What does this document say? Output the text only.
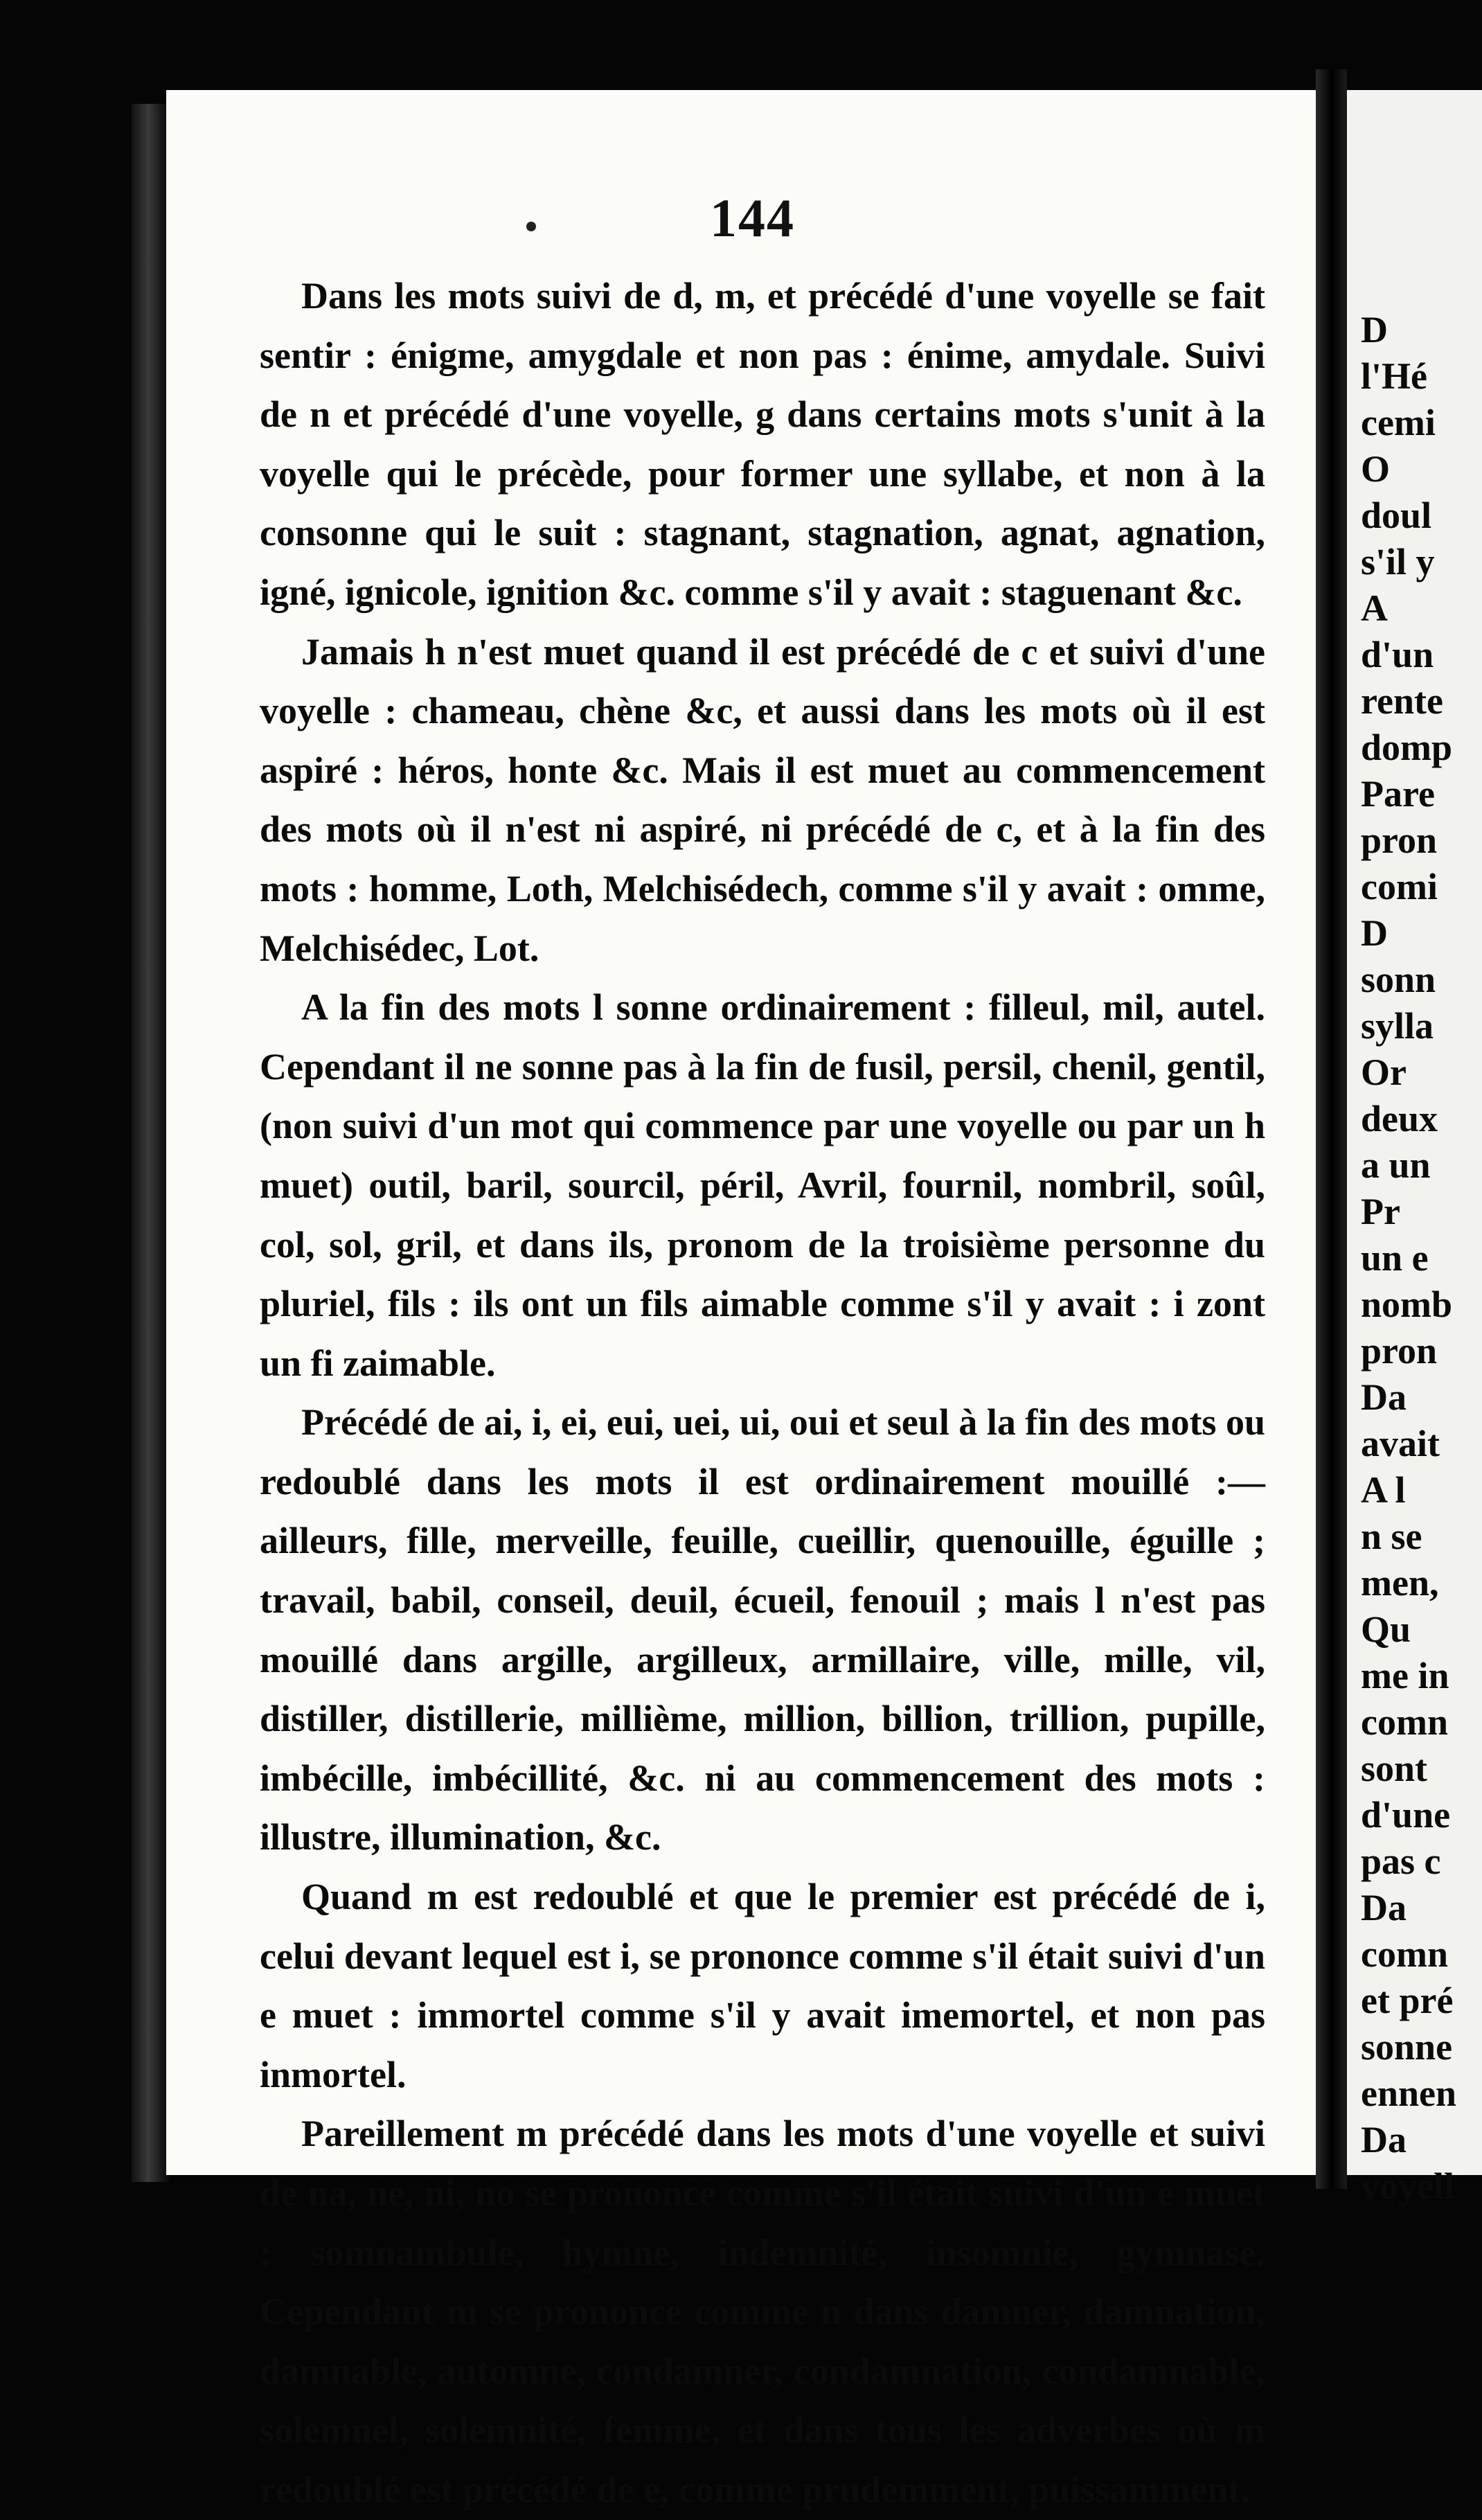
144

Dans les mots suivi de d, m, et précédé d'une voyelle se fait sentir : énigme, amygdale et non pas : énime, amydale. Suivi de n et précédé d'une voyelle, g dans certains mots s'unit à la voyelle qui le précède, pour former une syllabe, et non à la consonne qui le suit : stagnant, stagnation, agnat, agnation, igné, ignicole, ignition &c. comme s'il y avait : staguenant &c.

Jamais h n'est muet quand il est précédé de c et suivi d'une voyelle : chameau, chène &c, et aussi dans les mots où il est aspiré : héros, honte &c. Mais il est muet au commencement des mots où il n'est ni aspiré, ni précédé de c, et à la fin des mots : homme, Loth, Melchisédech, comme s'il y avait : omme, Melchisédec, Lot.

A la fin des mots l sonne ordinairement : filleul, mil, autel. Cependant il ne sonne pas à la fin de fusil, persil, chenil, gentil, (non suivi d'un mot qui commence par une voyelle ou par un h muet) outil, baril, sourcil, péril, Avril, fournil, nombril, soûl, col, sol, gril, et dans ils, pronom de la troisième personne du pluriel, fils : ils ont un fils aimable comme s'il y avait : i zont un fi zaimable.

Précédé de ai, i, ei, eui, uei, ui, oui et seul à la fin des mots ou redoublé dans les mots il est ordinairement mouillé :— ailleurs, fille, merveille, feuille, cueillir, quenouille, éguille ; travail, babil, conseil, deuil, écueil, fenouil ; mais l n'est pas mouillé dans argille, argilleux, armillaire, ville, mille, vil, distiller, distillerie, millième, million, billion, trillion, pupille, imbécille, imbécillité, &c. ni au commencement des mots : illustre, illumination, &c.

Quand m est redoublé et que le premier est précédé de i, celui devant lequel est i, se prononce comme s'il était suivi d'un e muet : immortel comme s'il y avait imemortel, et non pas inmortel.

Pareillement m précédé dans les mots d'une voyelle et suivi de na, ne, ni, no se prononce comme s'il était suivi d'un e muet : somnambule, hymne, indemnité, insomnie, gymnase. Cependant m se prononce comme n dans damner, damnation, damnable, automne, condamner, condamnation, condamnable, solemnel, solemnité, femme, et dans tous les adverbes où m redoublé est précédé de e, comme prudemment, puissamment.

D
l'Hé
cemi
O
doul
s'il y
A
d'un
rente
domp
Pare
pron
comi
D
sonn
sylla
Or
deux
a un
Pr
un e
nomb
pron
Da
avait
A l
n se
men,
Qu
me in
comn
sont
d'une
pas c
Da
comn
et pré
sonne
ennen
Da
voyell
